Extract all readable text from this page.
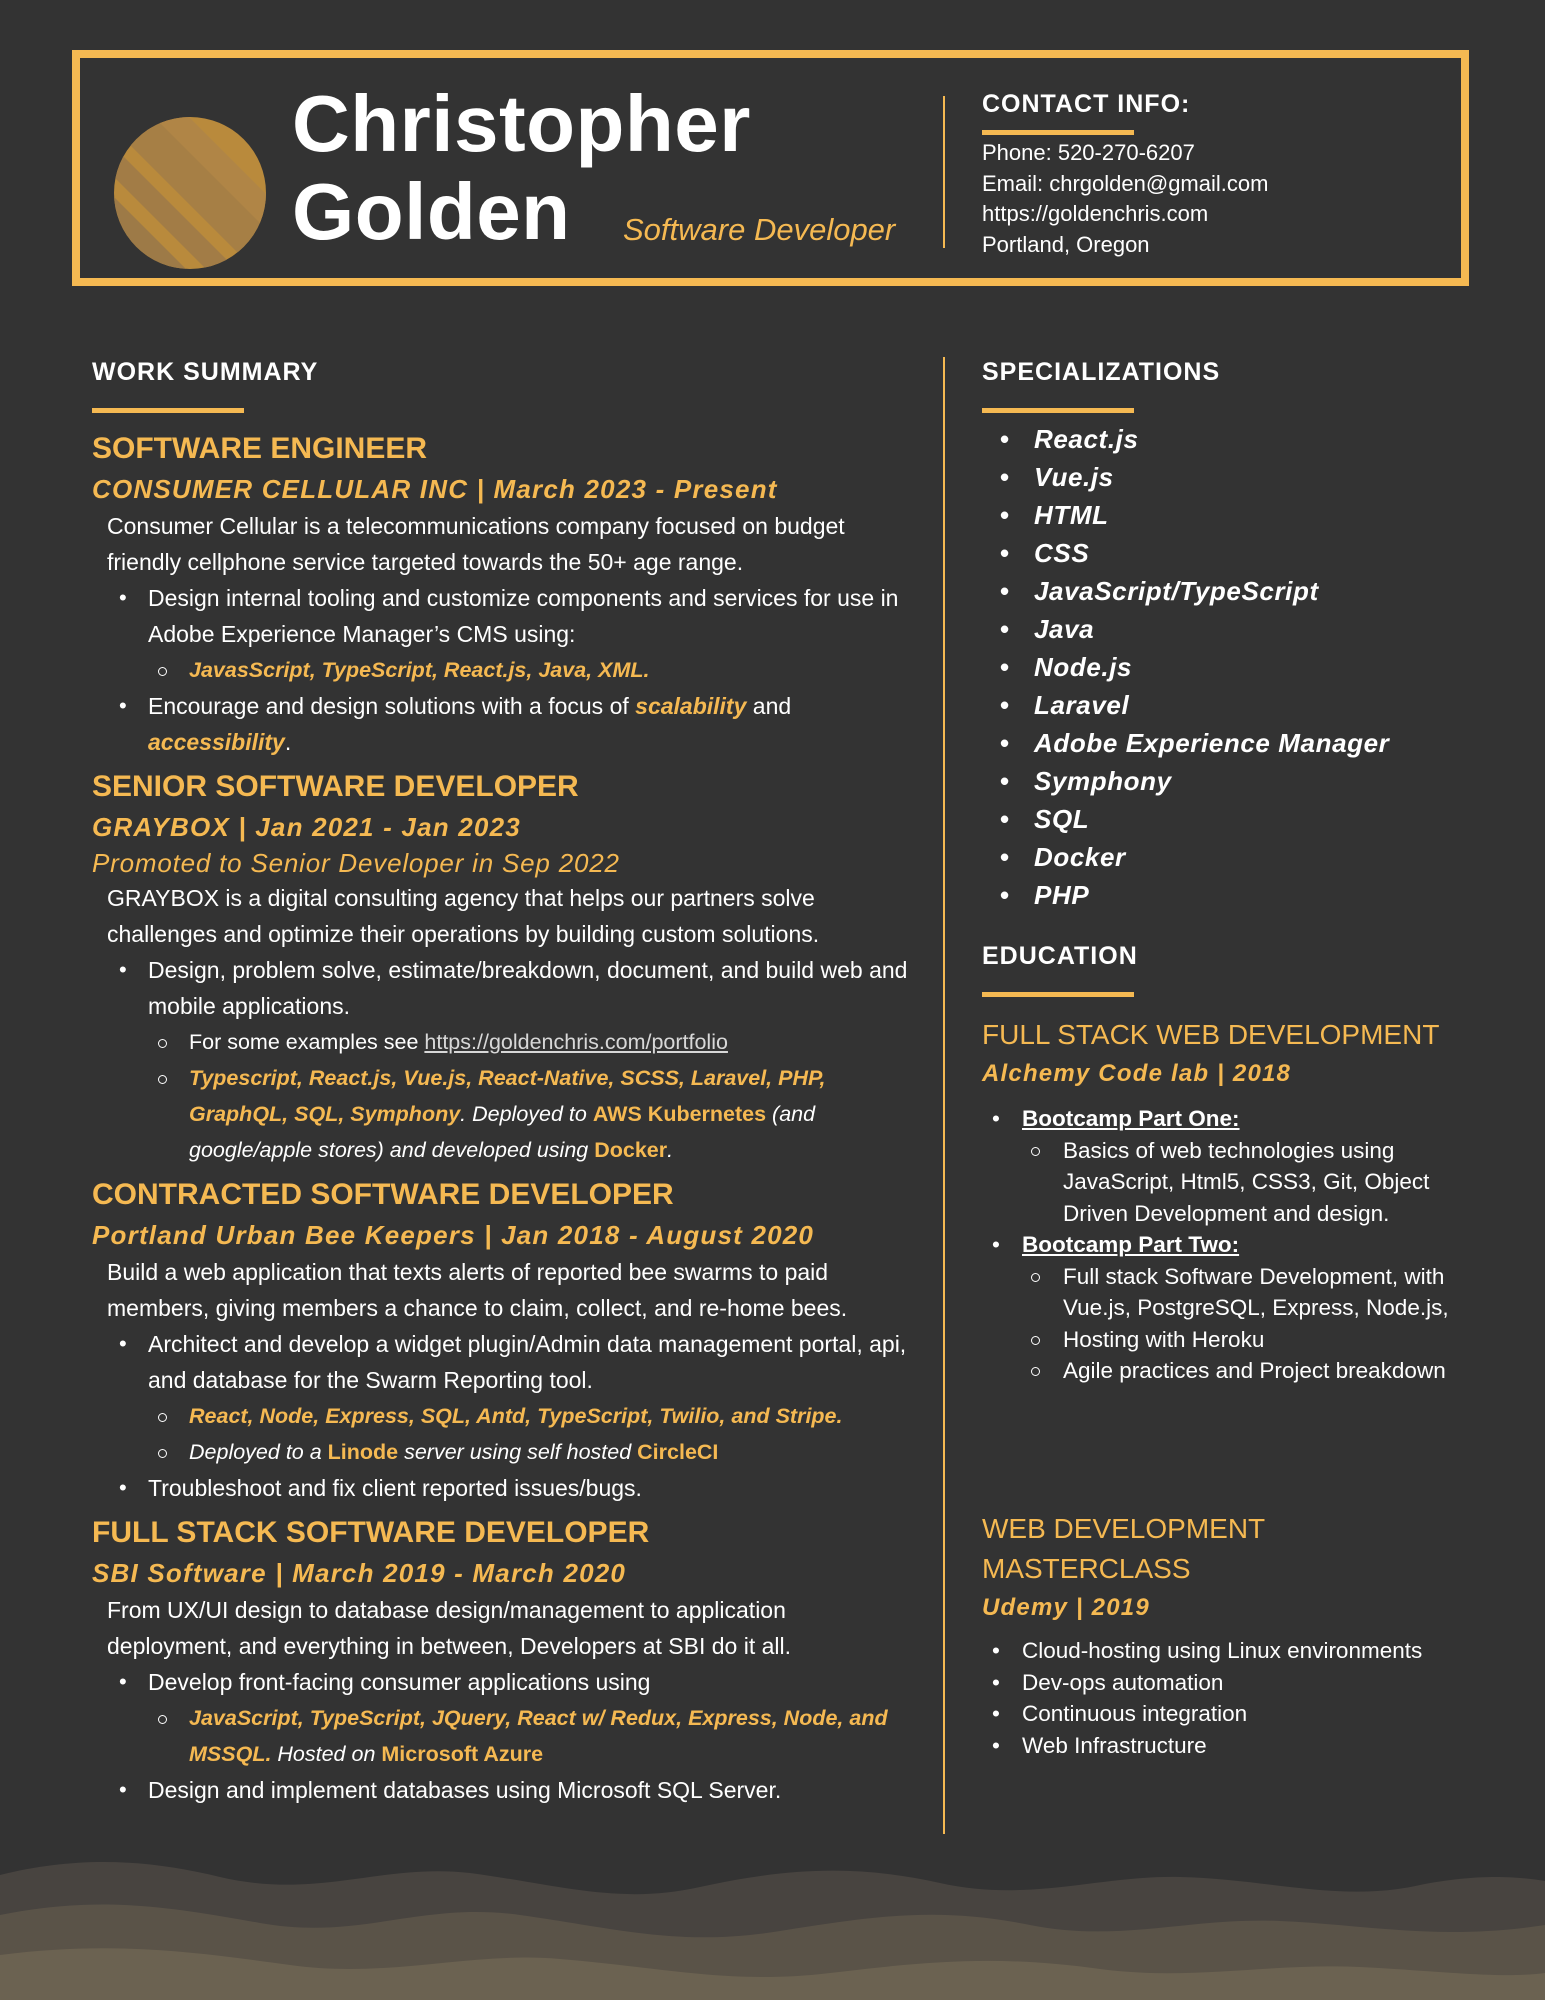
Christopher
Golden	Software Developer
CONTACT INFO:
Phone: 520-270-6207
Email: chrgolden@gmail.com
https://goldenchris.com
Portland, Oregon
WORK SUMMARY
SOFTWARE ENGINEER
CONSUMER CELLULAR INC | March 2023 - Present
Consumer Cellular is a telecommunications company focused on budget friendly cellphone service targeted towards the 50+ age range.
• Design internal tooling and customize components and services for use in Adobe Experience Manager’s CMS using:
JavasScript, TypeScript, React.js, Java, XML.
• Encourage and design solutions with a focus of scalability and accessibility.
SENIOR SOFTWARE DEVELOPER
GRAYBOX | Jan 2021 - Jan 2023
Promoted to Senior Developer in Sep 2022
GRAYBOX is a digital consulting agency that helps our partners solve challenges and optimize their operations by building custom solutions.
• Design, problem solve, estimate/breakdown, document, and build web and mobile applications.
For some examples see https://goldenchris.com/portfolio
Typescript, React.js, Vue.js, React-Native, SCSS, Laravel, PHP, GraphQL, SQL, Symphony. Deployed to AWS Kubernetes (and google/apple stores) and developed using Docker.
CONTRACTED SOFTWARE DEVELOPER
Portland Urban Bee Keepers | Jan 2018 - August 2020
Build a web application that texts alerts of reported bee swarms to paid members, giving members a chance to claim, collect, and re-home bees.
• Architect and develop a widget plugin/Admin data management portal, api, and database for the Swarm Reporting tool.
React, Node, Express, SQL, Antd, TypeScript, Twilio, and Stripe.
Deployed to a Linode server using self hosted CircleCI
• Troubleshoot and fix client reported issues/bugs.
FULL STACK SOFTWARE DEVELOPER
SBI Software | March 2019 - March 2020
From UX/UI design to database design/management to application deployment, and everything in between, Developers at SBI do it all.
• Develop front-facing consumer applications using
JavaScript, TypeScript, JQuery, React w/ Redux, Express, Node, and MSSQL. Hosted on Microsoft Azure
• Design and implement databases using Microsoft SQL Server.
SPECIALIZATIONS
• React.js
• Vue.js
• HTML
• CSS
• JavaScript/TypeScript
• Java
• Node.js
• Laravel
• Adobe Experience Manager
• Symphony
• SQL
• Docker
• PHP
EDUCATION
FULL STACK WEB DEVELOPMENT
Alchemy Code lab | 2018
• Bootcamp Part One:
Basics of web technologies using JavaScript, Html5, CSS3, Git, Object Driven Development and design.
• Bootcamp Part Two:
Full stack Software Development, with Vue.js, PostgreSQL, Express, Node.js,
Hosting with Heroku
Agile practices and Project breakdown
WEB DEVELOPMENT MASTERCLASS
Udemy | 2019
• Cloud-hosting using Linux environments
• Dev-ops automation
• Continuous integration
• Web Infrastructure
